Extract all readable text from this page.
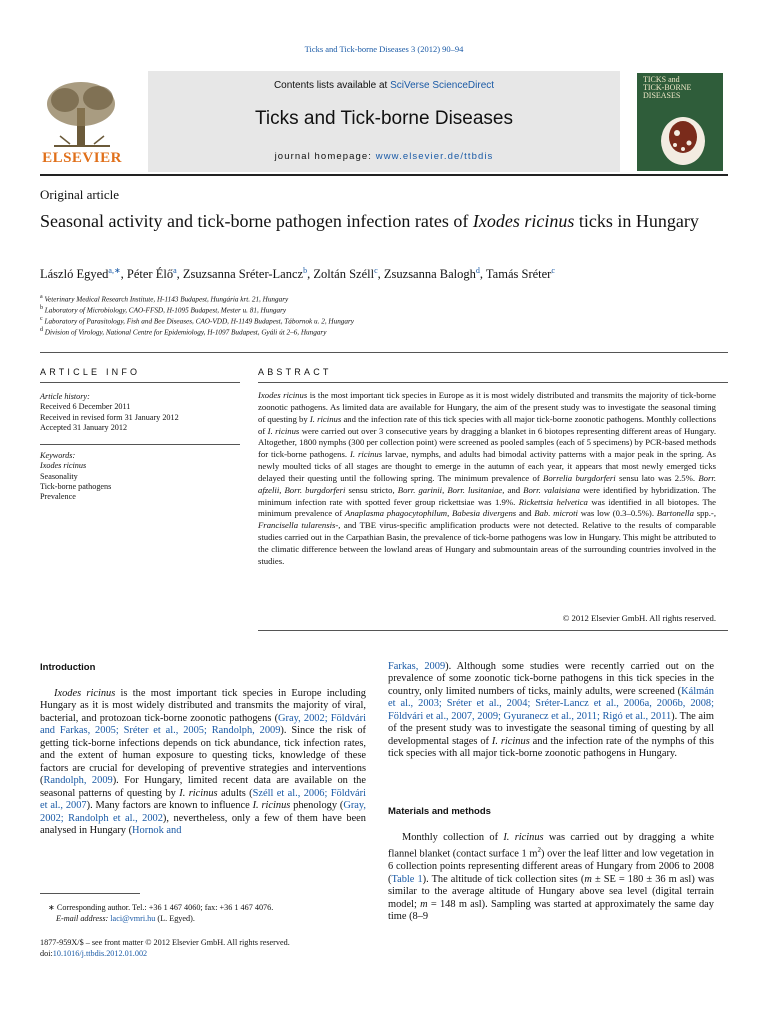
Ticks and Tick-borne Diseases 3 (2012) 90–94
ELSEVIER
Contents lists available at SciVerse ScienceDirect
Ticks and Tick-borne Diseases
journal homepage: www.elsevier.de/ttbdis
TICKS and
TICK-BORNE
DISEASES
Original article
Seasonal activity and tick-borne pathogen infection rates of Ixodes ricinus ticks in Hungary
László Egyed$^{a,∗}$, Péter Élő$^a$, Zsuzsanna Sréter-Lancz$^b$, Zoltán Széll$^c$, Zsuzsanna Balogh$^d$, Tamás Sréter$^c$
$^a$ Veterinary Medical Research Institute, H-1143 Budapest, Hungária krt. 21, Hungary
$^b$ Laboratory of Microbiology, CAO-FFSD, H-1095 Budapest, Mester u. 81, Hungary
$^c$ Laboratory of Parasitology, Fish and Bee Diseases, CAO-VDD, H-1149 Budapest, Tábornok u. 2, Hungary
$^d$ Division of Virology, National Centre for Epidemiology, H-1097 Budapest, Gyáli út 2–6, Hungary
ARTICLE INFO	ABSTRACT
Article history:
Received 6 December 2011
Received in revised form 31 January 2012
Accepted 31 January 2012
Keywords:
Ixodes ricinus
Seasonality
Tick-borne pathogens
Prevalence
Ixodes ricinus is the most important tick species in Europe as it is most widely distributed and transmits the majority of tick-borne zoonotic pathogens. As limited data are available for Hungary, the aim of the present study was to investigate the seasonal timing of questing by I. ricinus and the infection rate of this tick species with all major tick-borne zoonotic pathogens. Monthly collections of I. ricinus were carried out over 3 consecutive years by dragging a blanket in 6 biotopes representing different areas of Hungary. Altogether, 1800 nymphs (300 per collection point) were screened as pooled samples (each of 5 specimens) by PCR-based methods for tick-borne pathogens. I. ricinus larvae, nymphs, and adults had bimodal activity patterns with a major peak in the spring. As newly moulted ticks of all stages are thought to emerge in the autumn of each year, it appears that most newly emerged ticks delayed their questing until the following spring. The minimum prevalence of Borrelia burgdorferi sensu lato was 2.5%. Borr. afzelii, Borr. burgdorferi sensu stricto, Borr. garinii, Borr. lusitaniae, and Borr. valaisiana were identified by hybridization. The minimum infection rate with spotted fever group rickettsiae was 1.9%. Rickettsia helvetica was identified in all biotopes. The minimum prevalence of Anaplasma phagocytophilum, Babesia divergens and Bab. microti was low (0.3–0.5%). Bartonella spp.-, Francisella tularensis-, and TBE virus-specific amplification products were not detected. Relative to the results of comparable studies carried out in the Carpathian Basin, the prevalence of tick-borne pathogens was low in Hungary. This might be attributed to the climatic difference between the lowland areas of Hungary and submountain areas of the surrounding countries involved in the studies.
© 2012 Elsevier GmbH. All rights reserved.
Introduction

Ixodes ricinus is the most important tick species in Europe including Hungary as it is most widely distributed and transmits the majority of viral, bacterial, and protozoan tick-borne zoonotic pathogens (Gray, 2002; Földvári and Farkas, 2005; Sréter et al., 2005; Randolph, 2009). Since the risk of getting tick-borne infections depends on tick abundance, tick infection rates, and the extent of human exposure to questing ticks, knowledge of these factors are crucial for developing of preventive strategies and interventions (Randolph, 2009). For Hungary, limited recent data are available on the seasonal patterns of questing by I. ricinus adults (Széll et al., 2006; Földvári et al., 2007). Many factors are known to influence I. ricinus phenology (Gray, 2002; Randolph et al., 2002), nevertheless, only a few of them have been analysed in Hungary (Hornok and

∗ Corresponding author. Tel.: +36 1 467 4060; fax: +36 1 467 4076.
E-mail address: laci@vmri.hu (L. Egyed).
1877-959X/$ – see front matter © 2012 Elsevier GmbH. All rights reserved.
doi:10.1016/j.ttbdis.2012.01.002

Farkas, 2009). Although some studies were recently carried out on the prevalence of some zoonotic tick-borne pathogens in this tick species in the country, only limited numbers of ticks, mainly adults, were screened (Kálmán et al., 2003; Sréter et al., 2004; Sréter-Lancz et al., 2006a, 2006b, 2008; Földvári et al., 2007, 2009; Gyuranecz et al., 2011; Rigó et al., 2011). The aim of the present study was to investigate the seasonal timing of questing by all developmental stages of I. ricinus and the infection rate of the nymphs of this tick species with all major tick-borne zoonotic pathogens in Hungary.

Materials and methods

Monthly collection of I. ricinus was carried out by dragging a white flannel blanket (contact surface 1 $m^2$) over the leaf litter and low vegetation in 6 collection points representing different areas of Hungary from 2006 to 2008 (Table 1). The altitude of tick collection sites (m ± SE = 180 ± 36 m asl) was similar to the average altitude of Hungary above sea level (digital terrain model; m = 148 m asl). Sampling was started at approximately the same day time (8–9
